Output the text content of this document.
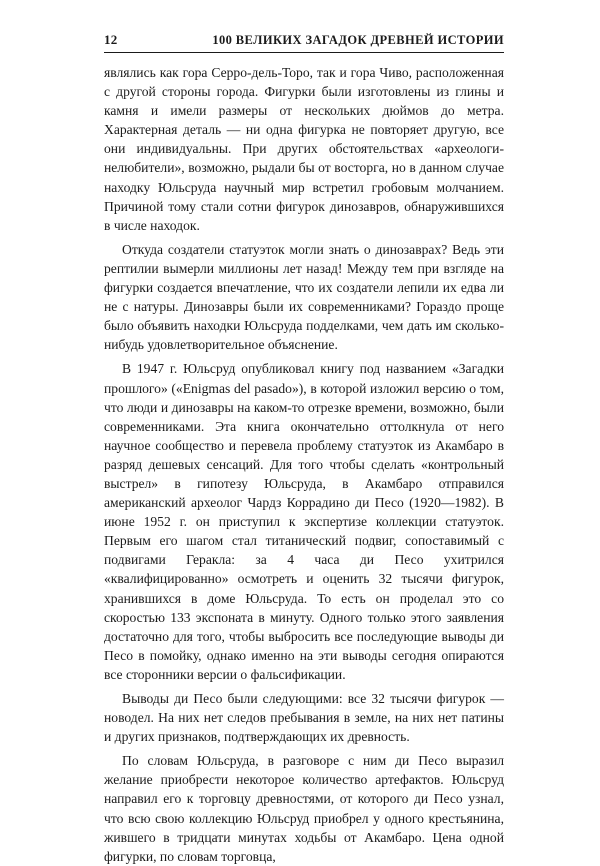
12	100 ВЕЛИКИХ ЗАГАДОК ДРЕВНЕЙ ИСТОРИИ

являлись как гора Серро-дель-Торо, так и гора Чиво, расположенная с другой стороны города. Фигурки были изготовлены из глины и камня и имели размеры от нескольких дюймов до метра. Характерная деталь — ни одна фигурка не повторяет другую, все они индивидуальны. При других обстоятельствах «археологи-нелюбители», возможно, рыдали бы от восторга, но в данном случае находку Юльсруда научный мир встретил гробовым молчанием. Причиной тому стали сотни фигурок динозавров, обнаружившихся в числе находок.

Откуда создатели статуэток могли знать о динозаврах? Ведь эти рептилии вымерли миллионы лет назад! Между тем при взгляде на фигурки создается впечатление, что их создатели лепили их едва ли не с натуры. Динозавры были их современниками? Гораздо проще было объявить находки Юльсруда подделками, чем дать им сколько-нибудь удовлетворительное объяснение.

В 1947 г. Юльсруд опубликовал книгу под названием «Загадки прошлого» («Enigmas del pasado»), в которой изложил версию о том, что люди и динозавры на каком-то отрезке времени, возможно, были современниками. Эта книга окончательно оттолкнула от него научное сообщество и перевела проблему статуэток из Акамбаро в разряд дешевых сенсаций. Для того чтобы сделать «контрольный выстрел» в гипотезу Юльсруда, в Акамбаро отправился американский археолог Чардз Коррадино ди Песо (1920—1982). В июне 1952 г. он приступил к экспертизе коллекции статуэток. Первым его шагом стал титанический подвиг, сопоставимый с подвигами Геракла: за 4 часа ди Песо ухитрился «квалифицированно» осмотреть и оценить 32 тысячи фигурок, хранившихся в доме Юльсруда. То есть он проделал это со скоростью 133 экспоната в минуту. Одного только этого заявления достаточно для того, чтобы выбросить все последующие выводы ди Песо в помойку, однако именно на эти выводы сегодня опираются все сторонники версии о фальсификации.

Выводы ди Песо были следующими: все 32 тысячи фигурок — новодел. На них нет следов пребывания в земле, на них нет патины и других признаков, подтверждающих их древность.

По словам Юльсруда, в разговоре с ним ди Песо выразил желание приобрести некоторое количество артефактов. Юльсруд направил его к торговцу древностями, от которого ди Песо узнал, что всю свою коллекцию Юльсруд приобрел у одного крестьянина, жившего в тридцати минутах ходьбы от Акамбаро. Цена одной фигурки, по словам торговца,
